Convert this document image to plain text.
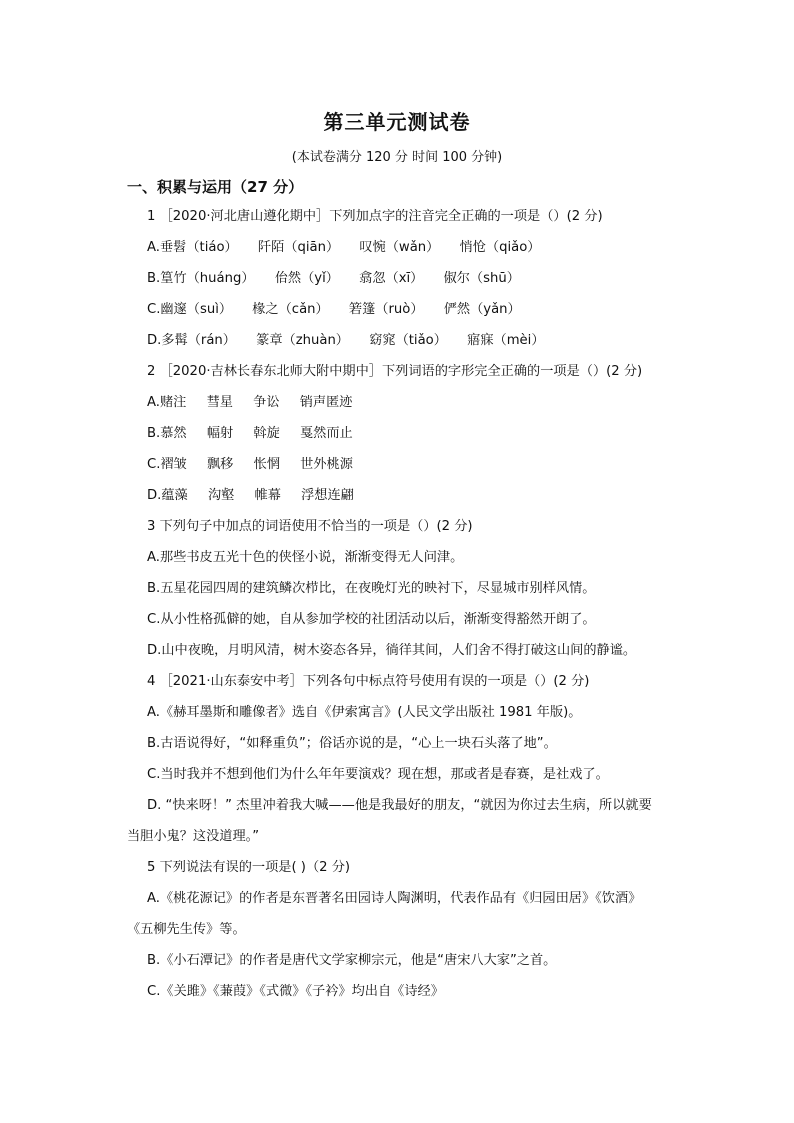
第三单元测试卷
(本试卷满分 120 分 时间 100 分钟)
一、积累与运用（27 分）
1 ［2020·河北唐山遵化期中］下列加点字的注音完全正确的一项是（）(2 分)
A.垂髫（tiáo） 阡陌（qiān） 叹惋（wǎn） 悄怆（qiǎo）
B.篁竹（huáng） 佁然（yǐ） 翕忽（xī） 俶尔（shū）
C.幽邃（suì） 椽之（cǎn） 箬篷（ruò） 俨然（yǎn）
D.多髯（rán） 篆章（zhuàn） 窈窕（tiǎo） 寤寐（mèi）
2 ［2020·吉林长春东北师大附中期中］下列词语的字形完全正确的一项是（）(2 分)
A.赌注 彗星 争讼 销声匿迹
B.慕然 幅射 斡旋 戛然而止
C.褶皱 飘移 怅惘 世外桃源
D.蕴藻 沟壑 帷幕 浮想连翩
3 下列句子中加点的词语使用不恰当的一项是（）(2 分)
A.那些书皮五光十色的侠怪小说，渐渐变得无人问津。
B.五星花园四周的建筑鳞次栉比，在夜晚灯光的映衬下，尽显城市别样风情。
C.从小性格孤僻的她，自从参加学校的社团活动以后，渐渐变得豁然开朗了。
D.山中夜晚，月明风清，树木姿态各异，徜徉其间，人们舍不得打破这山间的静谧。
4 ［2021·山东泰安中考］下列各句中标点符号使用有误的一项是（）(2 分)
A.《赫耳墨斯和雕像者》选自《伊索寓言》(人民文学出版社 1981 年版)。
B.古语说得好，“如释重负”；俗话亦说的是，“心上一块石头落了地”。
C.当时我并不想到他们为什么年年要演戏？现在想，那或者是春赛，是社戏了。
D. “快来呀！” 杰里冲着我大喊——他是我最好的朋友，“就因为你过去生病，所以就要
当胆小鬼？这没道理。”
5 下列说法有误的一项是( )（2 分)
A.《桃花源记》的作者是东晋著名田园诗人陶渊明，代表作品有《归园田居》《饮酒》
《五柳先生传》等。
B.《小石潭记》的作者是唐代文学家柳宗元，他是“唐宋八大家”之首。
C.《关雎》《蒹葭》《式微》《子衿》均出自《诗经》
